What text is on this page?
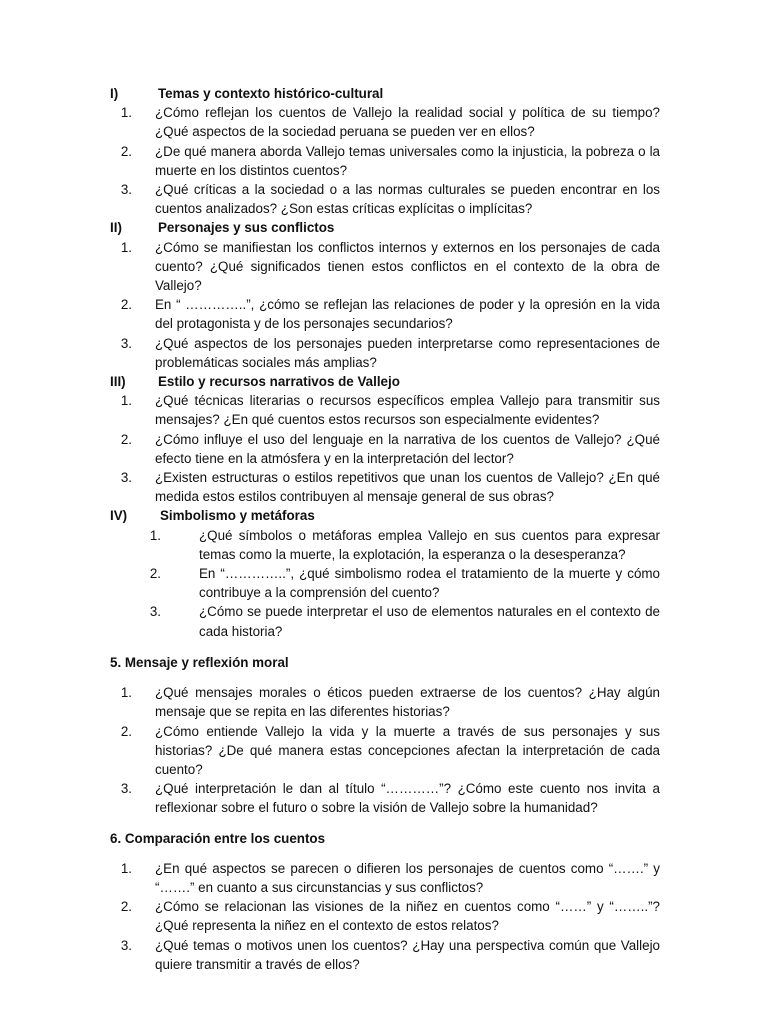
I)	Temas y contexto histórico-cultural
1.	¿Cómo reflejan los cuentos de Vallejo la realidad social y política de su tiempo? ¿Qué aspectos de la sociedad peruana se pueden ver en ellos?
2.	¿De qué manera aborda Vallejo temas universales como la injusticia, la pobreza o la muerte en los distintos cuentos?
3.	¿Qué críticas a la sociedad o a las normas culturales se pueden encontrar en los cuentos analizados? ¿Son estas críticas explícitas o implícitas?
II)	Personajes y sus conflictos
1.	¿Cómo se manifiestan los conflictos internos y externos en los personajes de cada cuento? ¿Qué significados tienen estos conflictos en el contexto de la obra de Vallejo?
2.	En “ …………..”, ¿cómo se reflejan las relaciones de poder y la opresión en la vida del protagonista y de los personajes secundarios?
3.	¿Qué aspectos de los personajes pueden interpretarse como representaciones de problemáticas sociales más amplias?
III)	Estilo y recursos narrativos de Vallejo
1.	¿Qué técnicas literarias o recursos específicos emplea Vallejo para transmitir sus mensajes? ¿En qué cuentos estos recursos son especialmente evidentes?
2.	¿Cómo influye el uso del lenguaje en la narrativa de los cuentos de Vallejo? ¿Qué efecto tiene en la atmósfera y en la interpretación del lector?
3.	¿Existen estructuras o estilos repetitivos que unan los cuentos de Vallejo? ¿En qué medida estos estilos contribuyen al mensaje general de sus obras?
IV)	Simbolismo y metáforas
1.	¿Qué símbolos o metáforas emplea Vallejo en sus cuentos para expresar temas como la muerte, la explotación, la esperanza o la desesperanza?
2.	En “…………..”, ¿qué simbolismo rodea el tratamiento de la muerte y cómo contribuye a la comprensión del cuento?
3.	¿Cómo se puede interpretar el uso de elementos naturales en el contexto de cada historia?
5. Mensaje y reflexión moral
1.	¿Qué mensajes morales o éticos pueden extraerse de los cuentos? ¿Hay algún mensaje que se repita en las diferentes historias?
2.	¿Cómo entiende Vallejo la vida y la muerte a través de sus personajes y sus historias? ¿De qué manera estas concepciones afectan la interpretación de cada cuento?
3.	¿Qué interpretación le dan al título “…………”? ¿Cómo este cuento nos invita a reflexionar sobre el futuro o sobre la visión de Vallejo sobre la humanidad?
6. Comparación entre los cuentos
1.	¿En qué aspectos se parecen o difieren los personajes de cuentos como “…….” y “…….” en cuanto a sus circunstancias y sus conflictos?
2.	¿Cómo se relacionan las visiones de la niñez en cuentos como “……” y “……..”? ¿Qué representa la niñez en el contexto de estos relatos?
3.	¿Qué temas o motivos unen los cuentos? ¿Hay una perspectiva común que Vallejo quiere transmitir a través de ellos?
